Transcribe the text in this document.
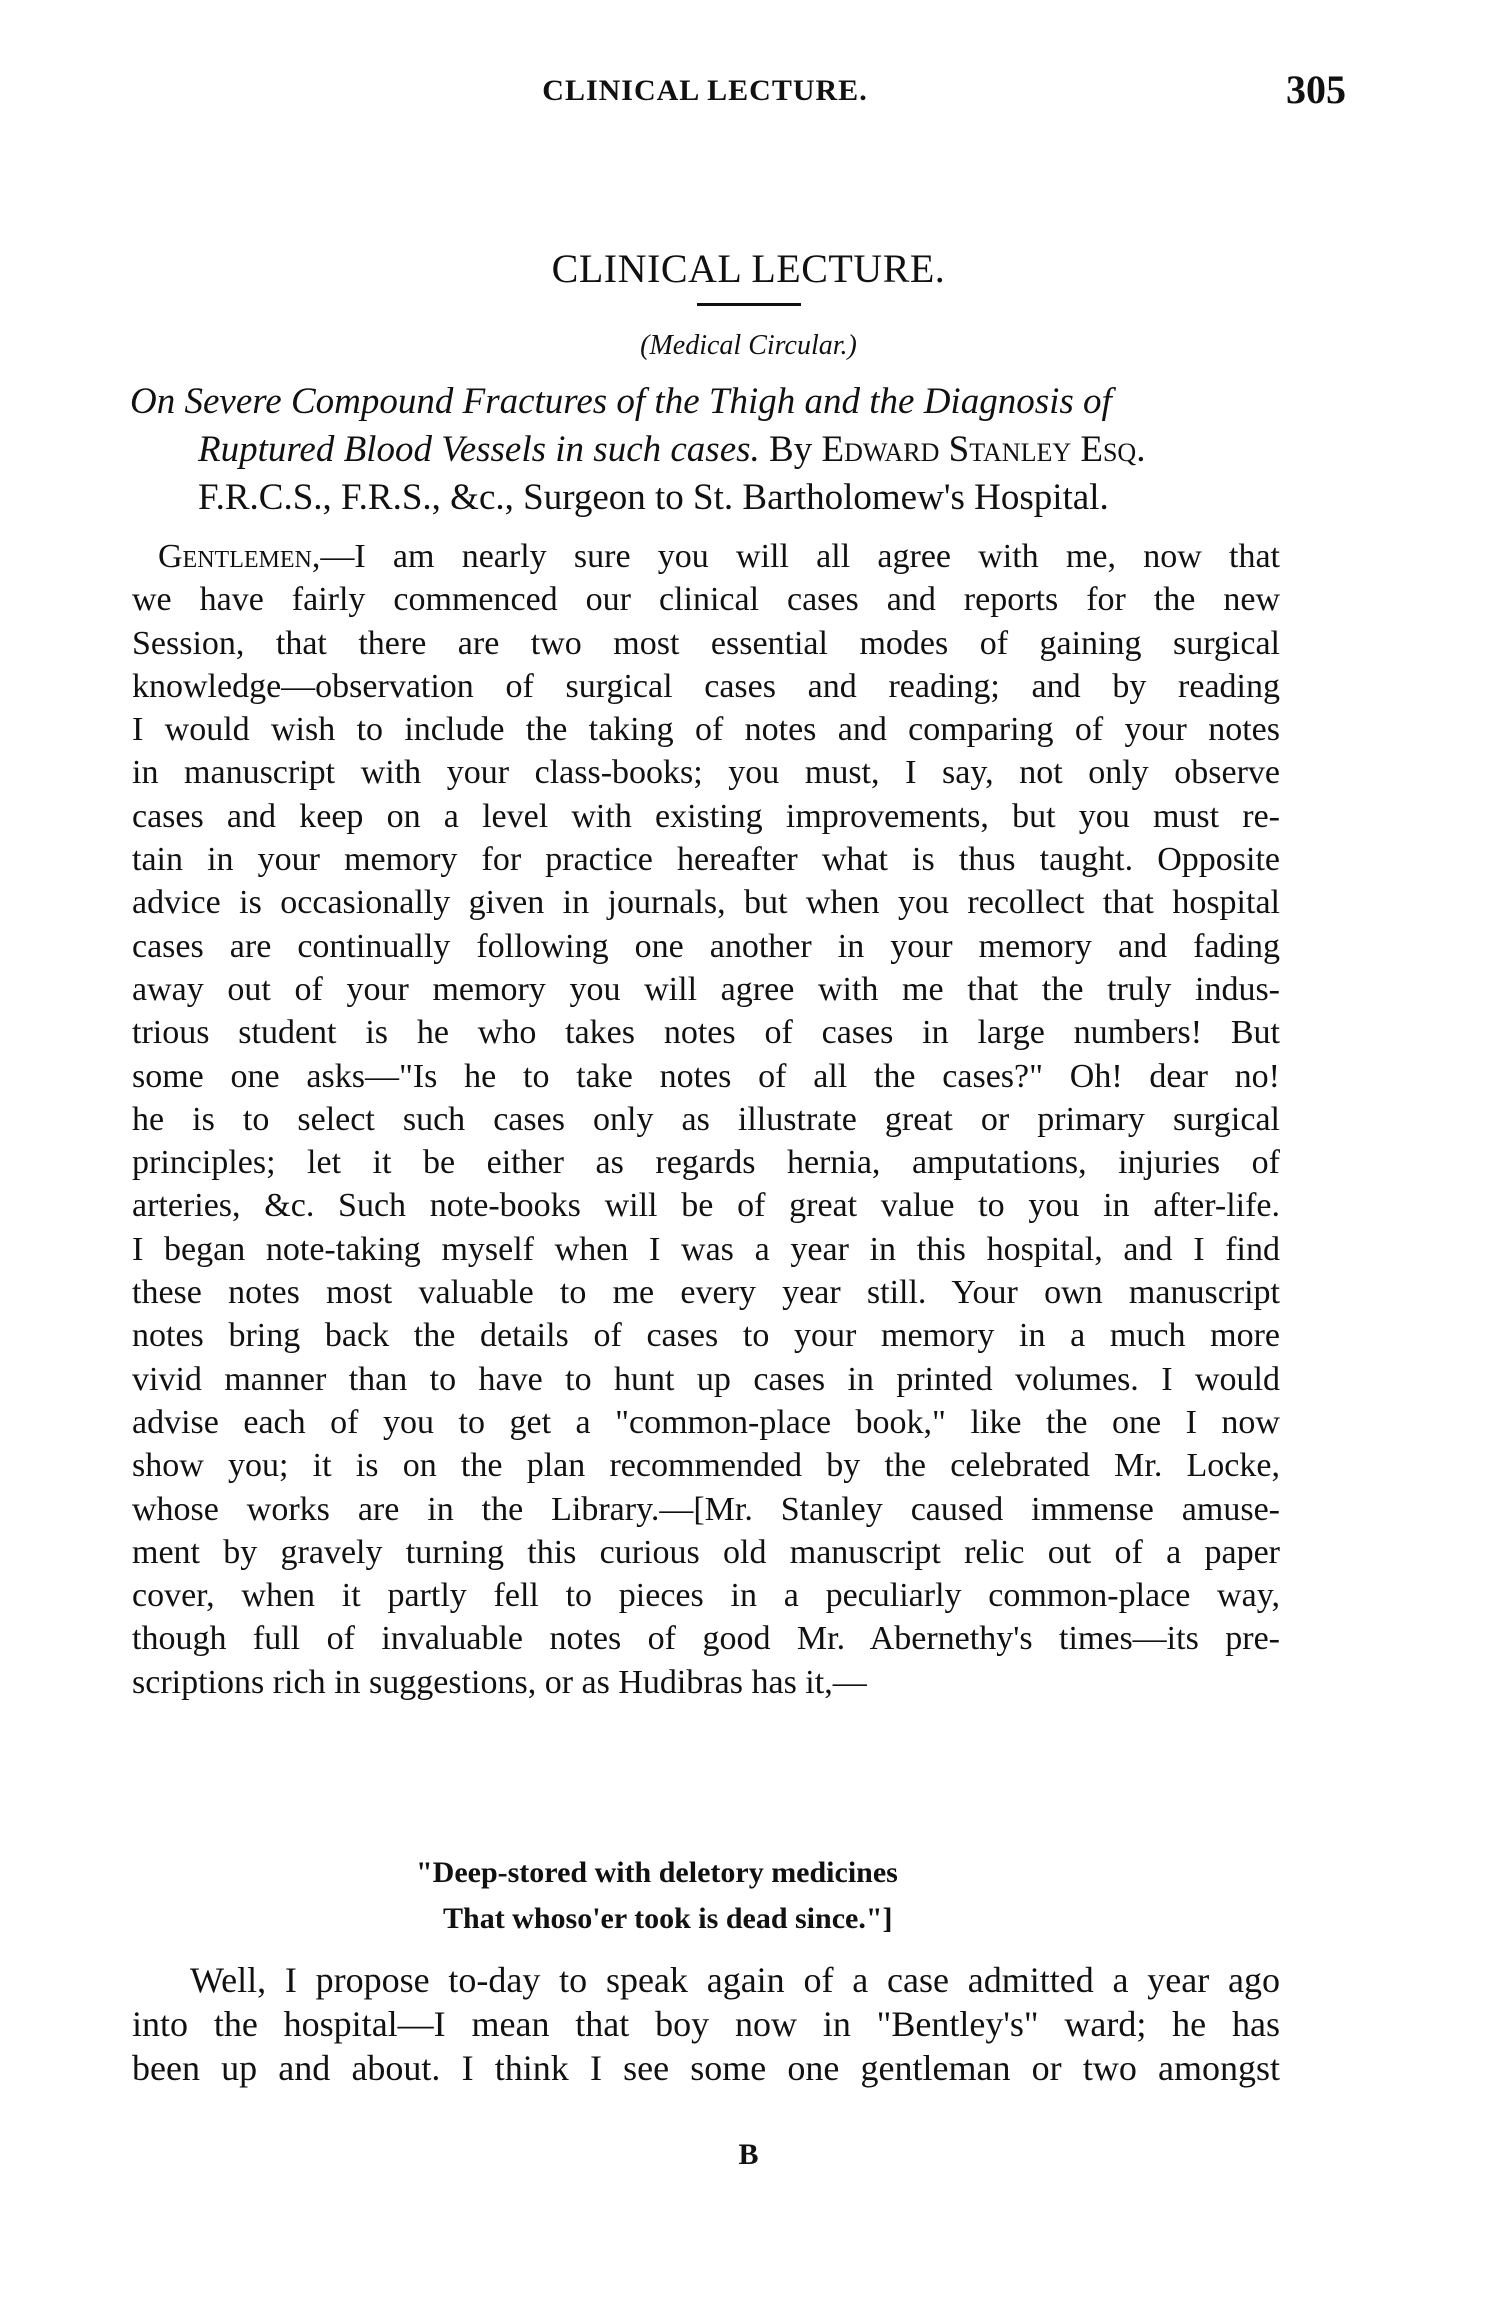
CLINICAL LECTURE.	305
CLINICAL LECTURE.
(Medical Circular.)
On Severe Compound Fractures of the Thigh and the Diagnosis of
Ruptured Blood Vessels in such cases. By Edward Stanley Esq.
F.R.C.S., F.R.S., &c., Surgeon to St. Bartholomew's Hospital.
Gentlemen,—I am nearly sure you will all agree with me, now that
we have fairly commenced our clinical cases and reports for the new
Session, that there are two most essential modes of gaining surgical
knowledge—observation of surgical cases and reading; and by reading
I would wish to include the taking of notes and comparing of your notes
in manuscript with your class-books; you must, I say, not only observe
cases and keep on a level with existing improvements, but you must re-
tain in your memory for practice hereafter what is thus taught. Opposite
advice is occasionally given in journals, but when you recollect that hospital
cases are continually following one another in your memory and fading
away out of your memory you will agree with me that the truly indus-
trious student is he who takes notes of cases in large numbers! But
some one asks—"Is he to take notes of all the cases?" Oh! dear no!
he is to select such cases only as illustrate great or primary surgical
principles; let it be either as regards hernia, amputations, injuries of
arteries, &c. Such note-books will be of great value to you in after-life.
I began note-taking myself when I was a year in this hospital, and I find
these notes most valuable to me every year still. Your own manuscript
notes bring back the details of cases to your memory in a much more
vivid manner than to have to hunt up cases in printed volumes. I would
advise each of you to get a "common-place book," like the one I now
show you; it is on the plan recommended by the celebrated Mr. Locke,
whose works are in the Library.—[Mr. Stanley caused immense amuse-
ment by gravely turning this curious old manuscript relic out of a paper
cover, when it partly fell to pieces in a peculiarly common-place way,
though full of invaluable notes of good Mr. Abernethy's times—its pre-
scriptions rich in suggestions, or as Hudibras has it,—
"Deep-stored with deletory medicines
That whoso'er took is dead since."]
Well, I propose to-day to speak again of a case admitted a year ago
into the hospital—I mean that boy now in "Bentley's" ward; he has
been up and about. I think I see some one gentleman or two amongst
B
